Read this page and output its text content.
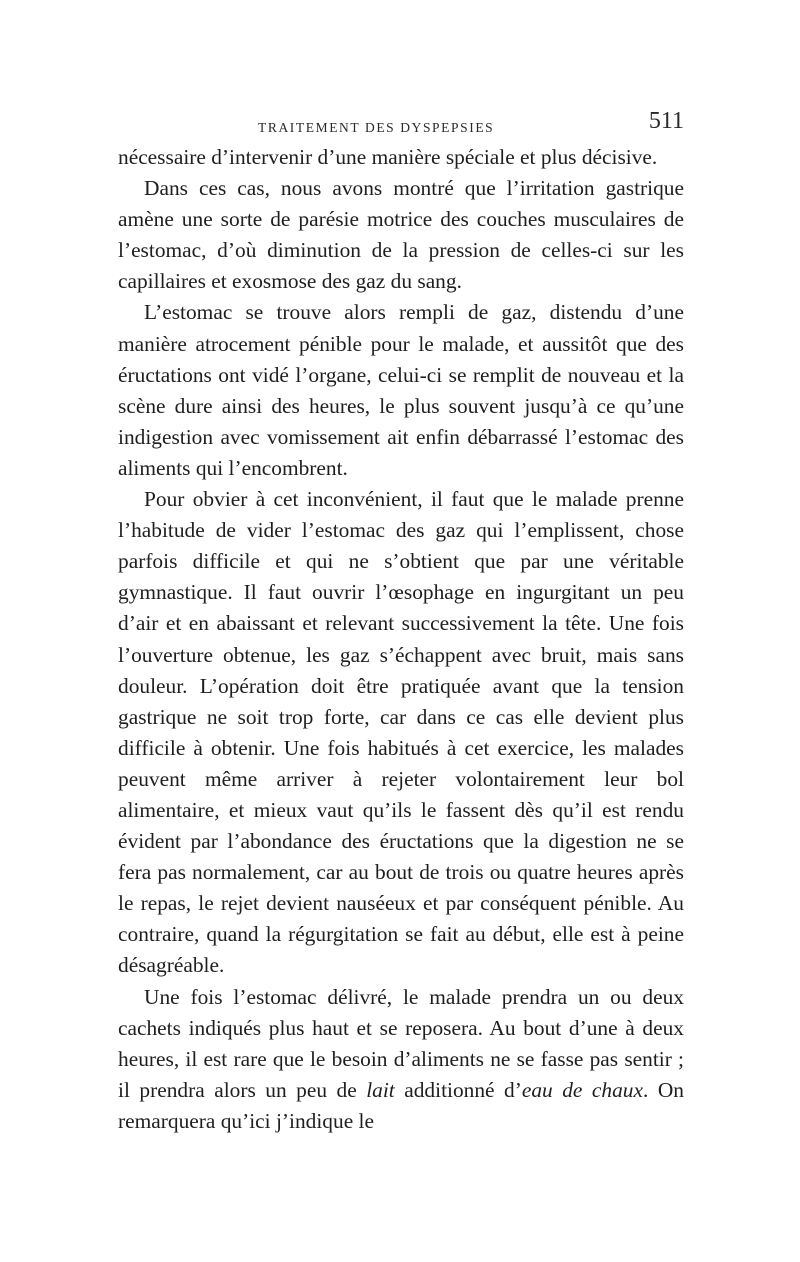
TRAITEMENT DES DYSPEPSIES	511

nécessaire d’intervenir d’une manière spéciale et plus décisive.

Dans ces cas, nous avons montré que l’irritation gastrique amène une sorte de parésie motrice des couches musculaires de l’estomac, d’où diminution de la pression de celles-ci sur les capillaires et exosmose des gaz du sang.

L’estomac se trouve alors rempli de gaz, distendu d’une manière atrocement pénible pour le malade, et aussitôt que des éructations ont vidé l’organe, celui-ci se remplit de nouveau et la scène dure ainsi des heures, le plus souvent jusqu’à ce qu’une indigestion avec vomissement ait enfin débarrassé l’estomac des aliments qui l’encombrent.

Pour obvier à cet inconvénient, il faut que le malade prenne l’habitude de vider l’estomac des gaz qui l’emplissent, chose parfois difficile et qui ne s’obtient que par une véritable gymnastique. Il faut ouvrir l’œsophage en ingurgitant un peu d’air et en abaissant et relevant successivement la tête. Une fois l’ouverture obtenue, les gaz s’échappent avec bruit, mais sans douleur. L’opération doit être pratiquée avant que la tension gastrique ne soit trop forte, car dans ce cas elle devient plus difficile à obtenir. Une fois habitués à cet exercice, les malades peuvent même arriver à rejeter volontairement leur bol alimentaire, et mieux vaut qu’ils le fassent dès qu’il est rendu évident par l’abondance des éructations que la digestion ne se fera pas normalement, car au bout de trois ou quatre heures après le repas, le rejet devient nauséeux et par conséquent pénible. Au contraire, quand la régurgitation se fait au début, elle est à peine désagréable.

Une fois l’estomac délivré, le malade prendra un ou deux cachets indiqués plus haut et se reposera. Au bout d’une à deux heures, il est rare que le besoin d’aliments ne se fasse pas sentir ; il prendra alors un peu de lait additionné d’eau de chaux. On remarquera qu’ici j’indique le
